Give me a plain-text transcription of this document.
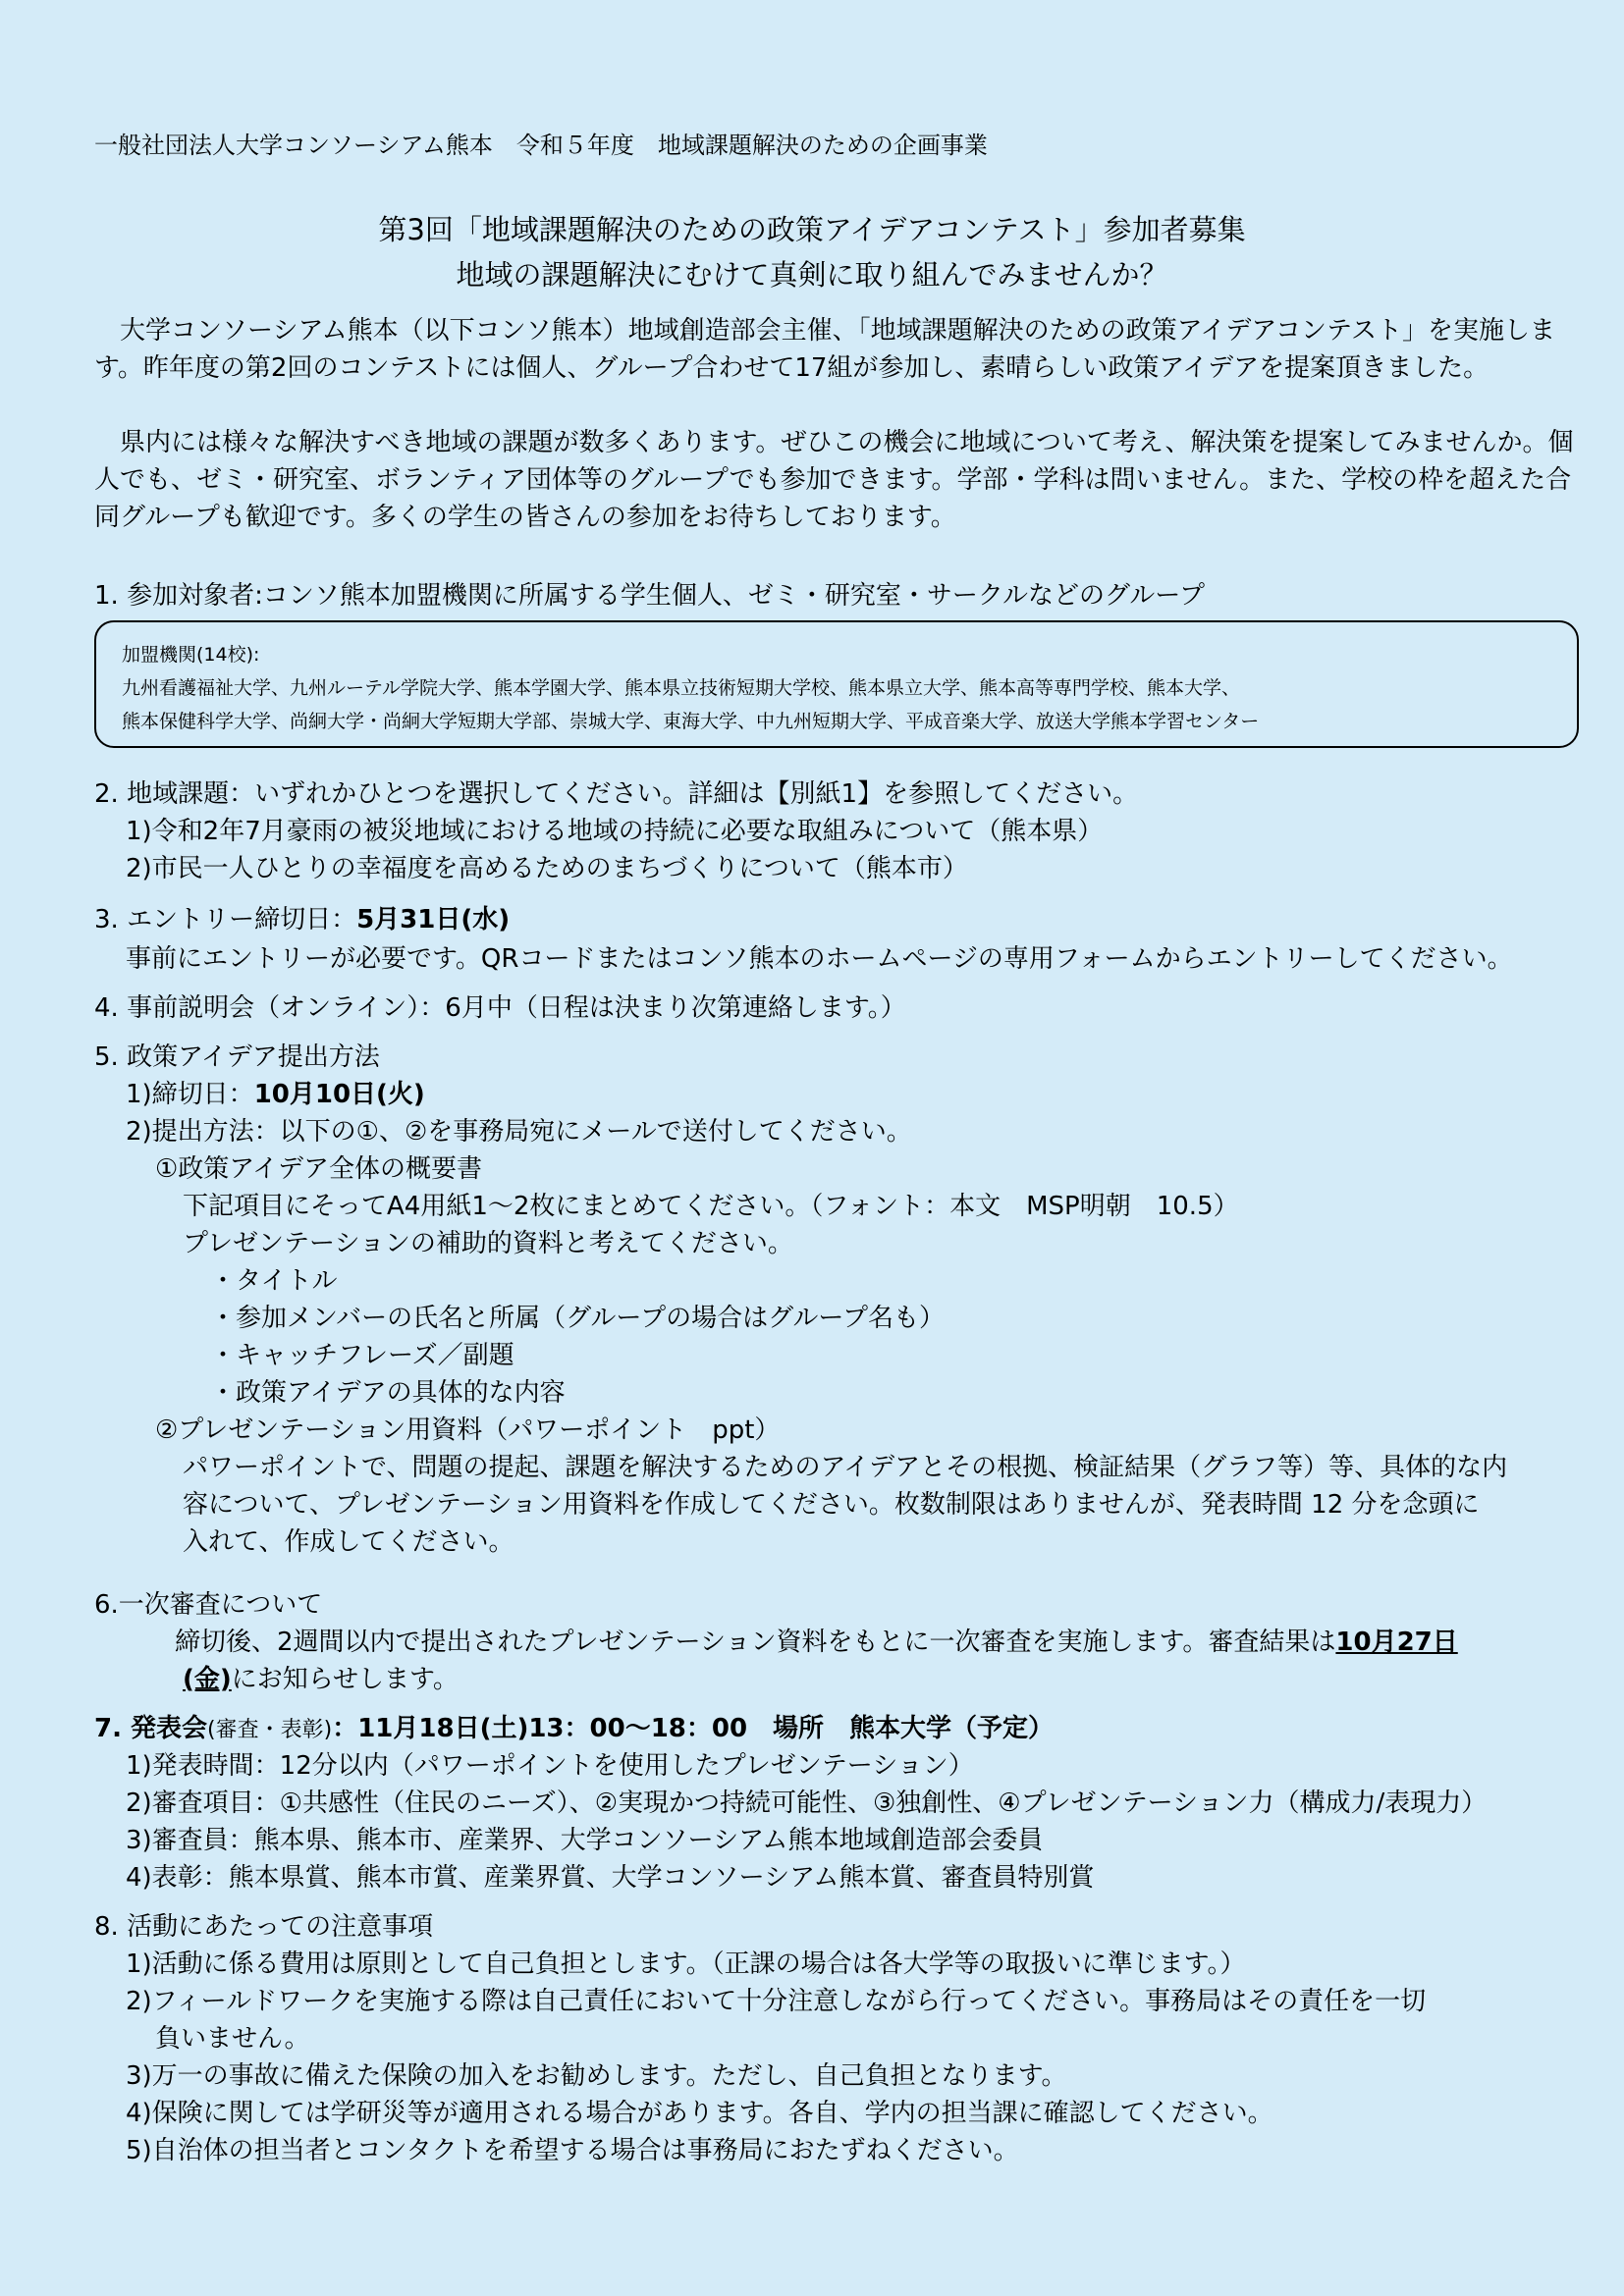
一般社団法人大学コンソーシアム熊本　令和５年度　地域課題解決のための企画事業
第3回「地域課題解決のための政策アイデアコンテスト」参加者募集
地域の課題解決にむけて真剣に取り組んでみませんか？
大学コンソーシアム熊本（以下コンソ熊本）地域創造部会主催、「地域課題解決のための政策アイデアコンテスト」を実施します。昨年度の第2回のコンテストには個人、グループ合わせて17組が参加し、素晴らしい政策アイデアを提案頂きました。
県内には様々な解決すべき地域の課題が数多くあります。ぜひこの機会に地域について考え、解決策を提案してみませんか。個人でも、ゼミ・研究室、ボランティア団体等のグループでも参加できます。学部・学科は問いません。また、学校の枠を超えた合同グループも歓迎です。多くの学生の皆さんの参加をお待ちしております。
1. 参加対象者:コンソ熊本加盟機関に所属する学生個人、ゼミ・研究室・サークルなどのグループ
加盟機関(14校):
九州看護福祉大学、九州ルーテル学院大学、熊本学園大学、熊本県立技術短期大学校、熊本県立大学、熊本高等専門学校、熊本大学、
熊本保健科学大学、尚絅大学・尚絅大学短期大学部、崇城大学、東海大学、中九州短期大学、平成音楽大学、放送大学熊本学習センター
2. 地域課題：いずれかひとつを選択してください。詳細は【別紙1】を参照してください。
1)令和2年7月豪雨の被災地域における地域の持続に必要な取組みについて（熊本県）
2)市民一人ひとりの幸福度を高めるためのまちづくりについて（熊本市）
3. エントリー締切日：5月31日(水)
事前にエントリーが必要です。QRコードまたはコンソ熊本のホームページの専用フォームからエントリーしてください。
4. 事前説明会（オンライン）：6月中（日程は決まり次第連絡します。）
5. 政策アイデア提出方法
1)締切日：10月10日(火)
2)提出方法：以下の①、②を事務局宛にメールで送付してください。
①政策アイデア全体の概要書
下記項目にそってA4用紙1～2枚にまとめてください。（フォント：本文　MSP明朝　10.5）
プレゼンテーションの補助的資料と考えてください。
・タイトル
・参加メンバーの氏名と所属（グループの場合はグループ名も）
・キャッチフレーズ／副題
・政策アイデアの具体的な内容
②プレゼンテーション用資料（パワーポイント　ppt）
パワーポイントで、問題の提起、課題を解決するためのアイデアとその根拠、検証結果（グラフ等）等、具体的な内
容について、プレゼンテーション用資料を作成してください。枚数制限はありませんが、発表時間 12 分を念頭に
入れて、作成してください。
6.一次審査について
締切後、2週間以内で提出されたプレゼンテーション資料をもとに一次審査を実施します。審査結果は10月27日
(金)にお知らせします。
7. 発表会(審査・表彰)：11月18日(土)13：00～18：00　場所　熊本大学（予定）
1)発表時間：12分以内（パワーポイントを使用したプレゼンテーション）
2)審査項目：①共感性（住民のニーズ）、②実現かつ持続可能性、③独創性、④プレゼンテーション力（構成力/表現力）
3)審査員：熊本県、熊本市、産業界、大学コンソーシアム熊本地域創造部会委員
4)表彰：熊本県賞、熊本市賞、産業界賞、大学コンソーシアム熊本賞、審査員特別賞
8. 活動にあたっての注意事項
1)活動に係る費用は原則として自己負担とします。（正課の場合は各大学等の取扱いに準じます。）
2)フィールドワークを実施する際は自己責任において十分注意しながら行ってください。事務局はその責任を一切
負いません。
3)万一の事故に備えた保険の加入をお勧めします。ただし、自己負担となります。
4)保険に関しては学研災等が適用される場合があります。各自、学内の担当課に確認してください。
5)自治体の担当者とコンタクトを希望する場合は事務局におたずねください。
